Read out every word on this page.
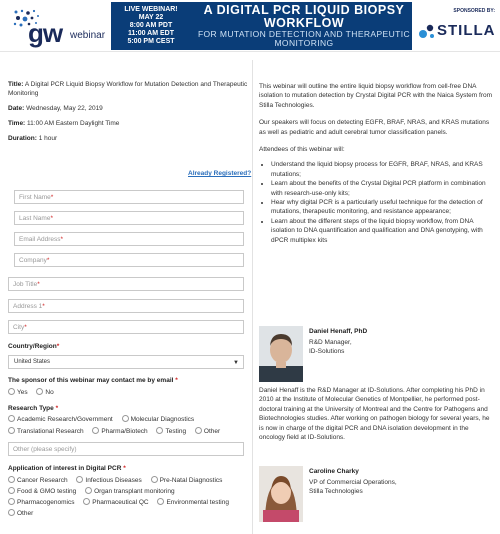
gw webinar
LIVE WEBINAR!
MAY 22
8:00 AM PDT
11:00 AM EDT
5:00 PM CEST
A DIGITAL PCR LIQUID BIOPSY WORKFLOW
FOR MUTATION DETECTION AND THERAPEUTIC MONITORING
SPONSORED BY:
STILLA
Title: A Digital PCR Liquid Biopsy Workflow for Mutation Detection and Therapeutic Monitoring
Date: Wednesday, May 22, 2019
Time: 11:00 AM Eastern Daylight Time
Duration: 1 hour
Already Registered?
First Name*
Last Name*
Email Address*
Company*
Job Title*
Address 1*
City*
Country/Region*
United States	▼
The sponsor of this webinar may contact me by email *
Yes	No
Research Type *
Academic Research/Government	Molecular Diagnostics
Translational Research	Pharma/Biotech	Testing	Other
Other (please specify)
Application of interest in Digital PCR *
Cancer Research	Infectious Diseases	Pre-Natal Diagnostics
Food & GMO testing	Organ transplant monitoring
Pharmacogenomics	Pharmaceutical QC	Environmental testing
Other

This webinar will outline the entire liquid biopsy workflow from cell-free DNA isolation to mutation detection by Crystal Digital PCR with the Naica System from Stilla Technologies.

Our speakers will focus on detecting EGFR, BRAF, NRAS, and KRAS mutations as well as pediatric and adult cerebral tumor classification panels.

Attendees of this webinar will:

• Understand the liquid biopsy process for EGFR, BRAF, NRAS, and KRAS mutations;
• Learn about the benefits of the Crystal Digital PCR platform in combination with research-use-only kits;
• Hear why digital PCR is a particularly useful technique for the detection of mutations, therapeutic monitoring, and resistance appearance;
• Learn about the different steps of the liquid biopsy workflow, from DNA isolation to DNA quantification and qualification and DNA genotyping, with dPCR multiplex kits
Daniel Henaff, PhD
R&D Manager,
ID-Solutions
Daniel Henaff is the R&D Manager at ID-Solutions. After completing his PhD in 2010 at the Institute of Molecular Genetics of Montpellier, he performed post-doctoral training at the University of Montreal and the Centre for Pathogens and Biotechnologies studies. After working on pathogen biology for several years, he is now in charge of the digital PCR and DNA isolation development in the oncology field at ID-Solutions.
Caroline Charky
VP of Commercial Operations,
Stilla Technologies
